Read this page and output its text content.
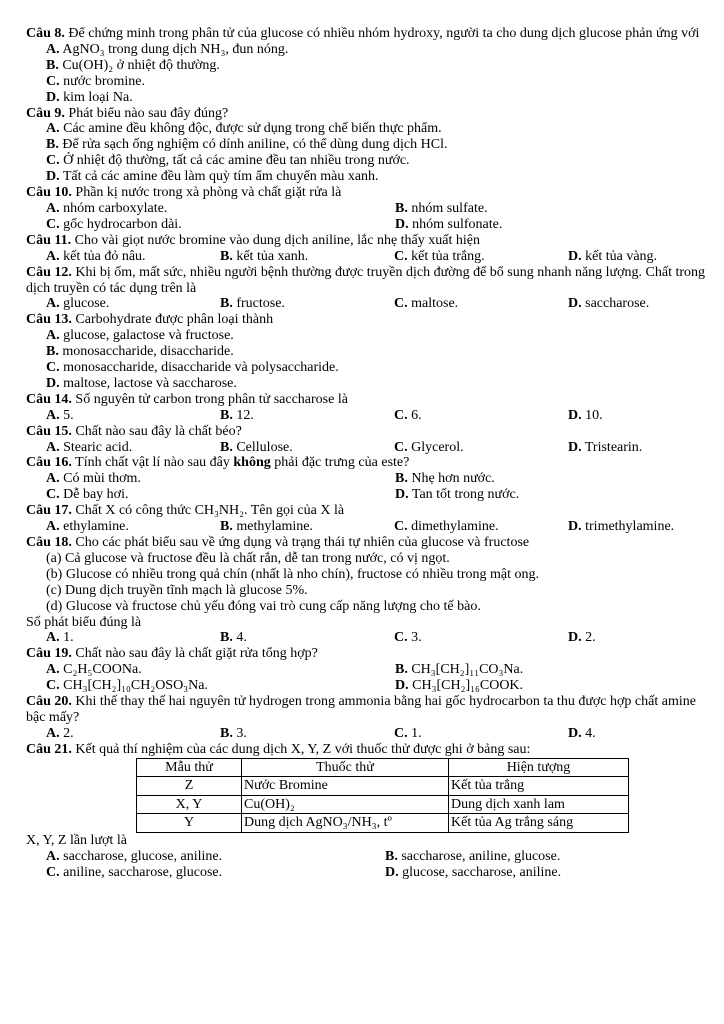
Câu 8. Để chứng minh trong phân tử của glucose có nhiều nhóm hydroxy, người ta cho dung dịch glucose phản ứng với
A. AgNO₃ trong dung dịch NH₃, đun nóng.
B. Cu(OH)₂ ở nhiệt độ thường.
C. nước bromine.
D. kim loại Na.
Câu 9. Phát biểu nào sau đây đúng?
A. Các amine đều không độc, được sử dụng trong chế biến thực phẩm.
B. Để rửa sạch ống nghiệm có dính aniline, có thể dùng dung dịch HCl.
C. Ở nhiệt độ thường, tất cả các amine đều tan nhiều trong nước.
D. Tất cả các amine đều làm quỳ tím ẩm chuyển màu xanh.
Câu 10. Phần kị nước trong xà phòng và chất giặt rửa là
A. nhóm carboxylate.	B. nhóm sulfate.
C. gốc hydrocarbon dài.	D. nhóm sulfonate.
Câu 11. Cho vài giọt nước bromine vào dung dịch aniline, lắc nhẹ thấy xuất hiện
A. kết tủa đỏ nâu.	B. kết tủa xanh.	C. kết tủa trắng.	D. kết tủa vàng.
Câu 12. Khi bị ốm, mất sức, nhiều người bệnh thường được truyền dịch đường để bổ sung nhanh năng lượng. Chất trong dịch truyền có tác dụng trên là
A. glucose.	B. fructose.	C. maltose.	D. saccharose.
Câu 13. Carbohydrate được phân loại thành
A. glucose, galactose và fructose.
B. monosaccharide, disaccharide.
C. monosaccharide, disaccharide và polysaccharide.
D. maltose, lactose và saccharose.
Câu 14. Số nguyên tử carbon trong phân tử saccharose là
A. 5.	B. 12.	C. 6.	D. 10.
Câu 15. Chất nào sau đây là chất béo?
A. Stearic acid.	B. Cellulose.	C. Glycerol.	D. Tristearin.
Câu 16. Tính chất vật lí nào sau đây không phải đặc trưng của este?
A. Có mùi thơm.	B. Nhẹ hơn nước.
C. Dễ bay hơi.	D. Tan tốt trong nước.
Câu 17. Chất X có công thức CH₃NH₂. Tên gọi của X là
A. ethylamine.	B. methylamine.	C. dimethylamine.	D. trimethylamine.
Câu 18. Cho các phát biểu sau về ứng dụng và trạng thái tự nhiên của glucose và fructose
(a) Cả glucose và fructose đều là chất rắn, dễ tan trong nước, có vị ngọt.
(b) Glucose có nhiều trong quả chín (nhất là nho chín), fructose có nhiều trong mật ong.
(c) Dung dịch truyền tĩnh mạch là glucose 5%.
(d) Glucose và fructose chủ yếu đóng vai trò cung cấp năng lượng cho tế bào.
Số phát biểu đúng là
A. 1.	B. 4.	C. 3.	D. 2.
Câu 19. Chất nào sau đây là chất giặt rửa tổng hợp?
A. C₂H₅COONa.	B. CH₃[CH₂]₁₁CO₃Na.
C. CH₃[CH₂]₁₀CH₂OSO₃Na.	D. CH₃[CH₂]₁₆COOK.
Câu 20. Khi thế thay thế hai nguyên tử hydrogen trong ammonia bằng hai gốc hydrocarbon ta thu được hợp chất amine bậc mấy?
A. 2.	B. 3.	C. 1.	D. 4.
Câu 21. Kết quả thí nghiệm của các dung dịch X, Y, Z với thuốc thử được ghi ở bảng sau:
Mẫu thử	Thuốc thử	Hiện tượng
Z	Nước Bromine	Kết tủa trắng
X, Y	Cu(OH)₂	Dung dịch xanh lam
Y	Dung dịch AgNO₃/NH₃, tº	Kết tủa Ag trắng sáng
X, Y, Z lần lượt là
A. saccharose, glucose, aniline.	B. saccharose, aniline, glucose.
C. aniline, saccharose, glucose.	D. glucose, saccharose, aniline.
